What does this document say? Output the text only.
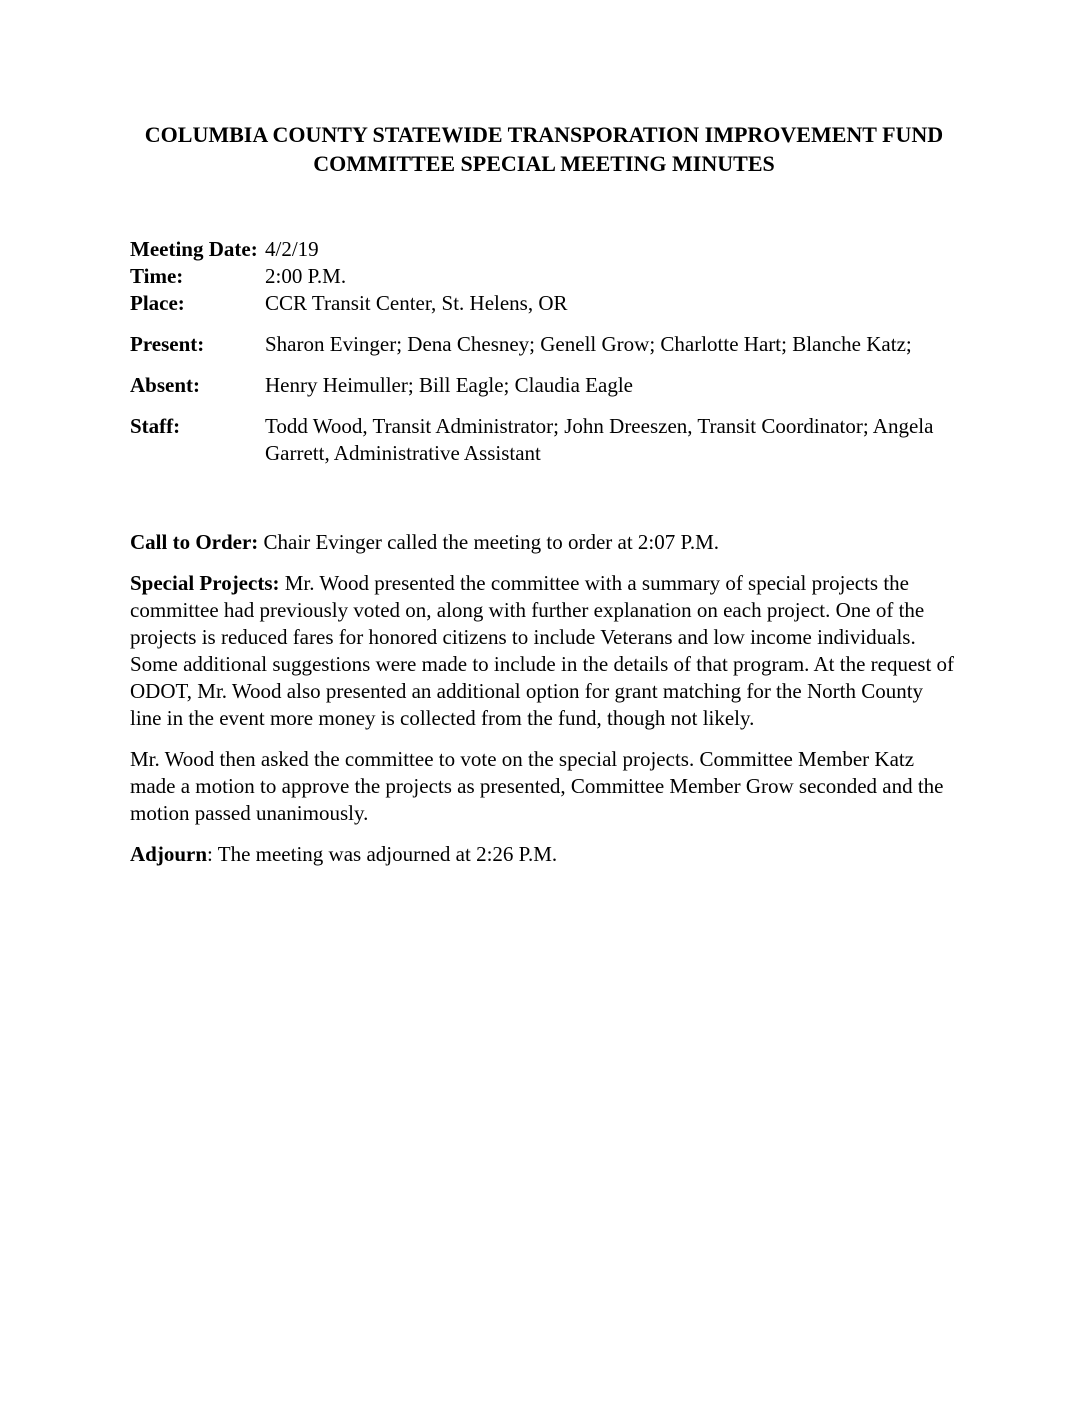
COLUMBIA COUNTY STATEWIDE TRANSPORATION IMPROVEMENT FUND
COMMITTEE SPECIAL MEETING MINUTES
Meeting Date: 4/2/19
Time:	2:00 P.M.
Place:	CCR Transit Center, St. Helens, OR
Present:	Sharon Evinger; Dena Chesney; Genell Grow; Charlotte Hart; Blanche Katz;
Absent:	Henry Heimuller; Bill Eagle; Claudia Eagle
Staff:	Todd Wood, Transit Administrator; John Dreeszen, Transit Coordinator; Angela Garrett, Administrative Assistant

Call to Order: Chair Evinger called the meeting to order at 2:07 P.M.

Special Projects: Mr. Wood presented the committee with a summary of special projects the committee had previously voted on, along with further explanation on each project. One of the projects is reduced fares for honored citizens to include Veterans and low income individuals. Some additional suggestions were made to include in the details of that program. At the request of ODOT, Mr. Wood also presented an additional option for grant matching for the North County line in the event more money is collected from the fund, though not likely.

Mr. Wood then asked the committee to vote on the special projects. Committee Member Katz made a motion to approve the projects as presented, Committee Member Grow seconded and the motion passed unanimously.

Adjourn: The meeting was adjourned at 2:26 P.M.
